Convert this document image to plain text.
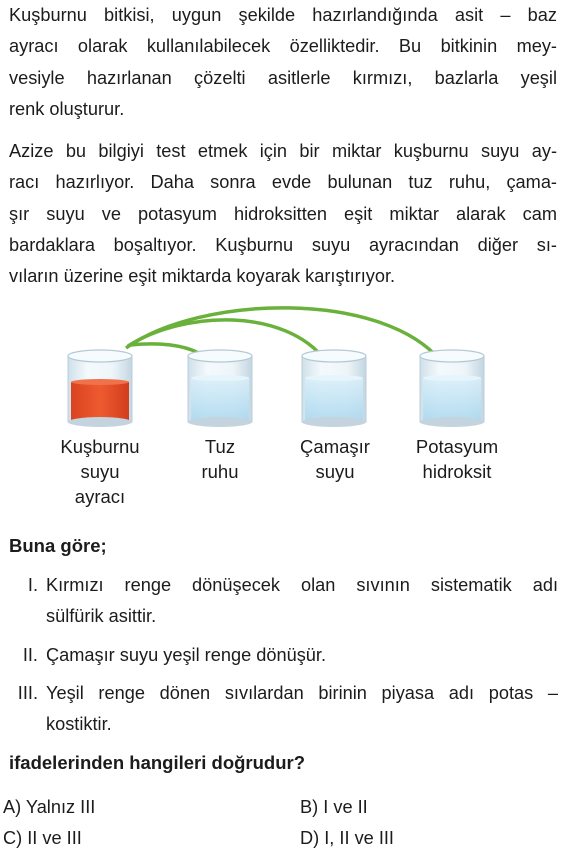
Kuşburnu bitkisi, uygun şekilde hazırlandığında asit – baz
ayracı olarak kullanılabilecek özelliktedir. Bu bitkinin mey-
vesiyle hazırlanan çözelti asitlerle kırmızı, bazlarla yeşil
renk oluşturur.
Azize bu bilgiyi test etmek için bir miktar kuşburnu suyu ay-
racı hazırlıyor. Daha sonra evde bulunan tuz ruhu, çama-
şır suyu ve potasyum hidroksitten eşit miktar alarak cam
bardaklara boşaltıyor. Kuşburnu suyu ayracından diğer sı-
vıların üzerine eşit miktarda koyarak karıştırıyor.
Kuşburnu
suyu
ayracı
Tuz
ruhu
Çamaşır
suyu
Potasyum
hidroksit
Buna göre;
I. Kırmızı renge dönüşecek olan sıvının sistematik adı
sülfürik asittir.
II. Çamaşır suyu yeşil renge dönüşür.
III. Yeşil renge dönen sıvılardan birinin piyasa adı potas –
kostiktir.
ifadelerinden hangileri doğrudur?
A) Yalnız III	B) I ve II
C) II ve III	D) I, II ve III
